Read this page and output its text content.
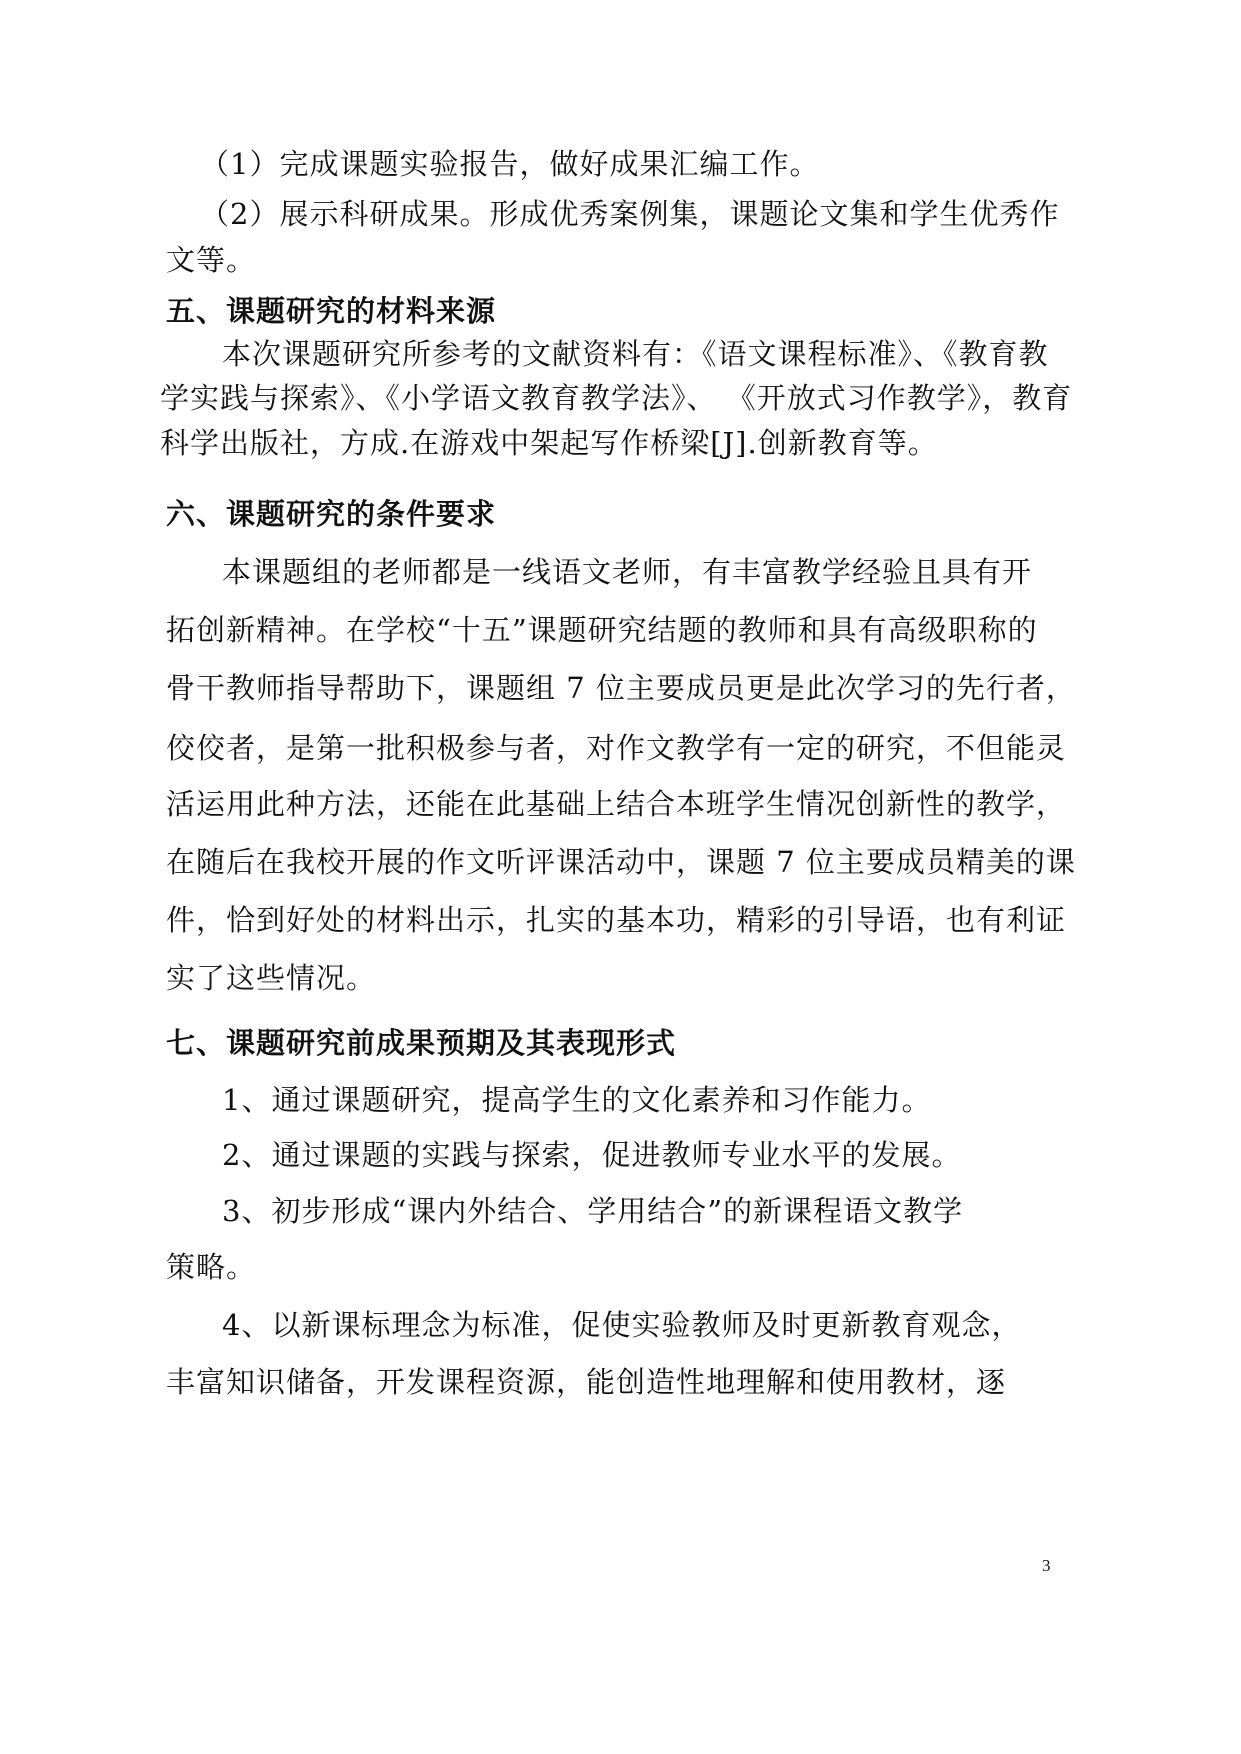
（1）完成课题实验报告，做好成果汇编工作。
（2）展示科研成果。形成优秀案例集，课题论文集和学生优秀作
文等。
五、课题研究的材料来源
本次课题研究所参考的文献资料有：《语文课程标准》、《教育教
学实践与探索》、《小学语文教育教学法》、 《开放式习作教学》，教育
科学出版社，方成.在游戏中架起写作桥梁[J].创新教育等。
六、课题研究的条件要求
本课题组的老师都是一线语文老师，有丰富教学经验且具有开
拓创新精神。在学校“十五”课题研究结题的教师和具有高级职称的
骨干教师指导帮助下，课题组 7 位主要成员更是此次学习的先行者，
佼佼者，是第一批积极参与者，对作文教学有一定的研究，不但能灵
活运用此种方法，还能在此基础上结合本班学生情况创新性的教学，
在随后在我校开展的作文听评课活动中，课题 7 位主要成员精美的课
件，恰到好处的材料出示，扎实的基本功，精彩的引导语，也有利证
实了这些情况。
七、课题研究前成果预期及其表现形式
1、通过课题研究，提高学生的文化素养和习作能力。
2、通过课题的实践与探索，促进教师专业水平的发展。
3、初步形成“课内外结合、学用结合”的新课程语文教学
策略。
4、以新课标理念为标准，促使实验教师及时更新教育观念，
丰富知识储备，开发课程资源，能创造性地理解和使用教材，逐
3
